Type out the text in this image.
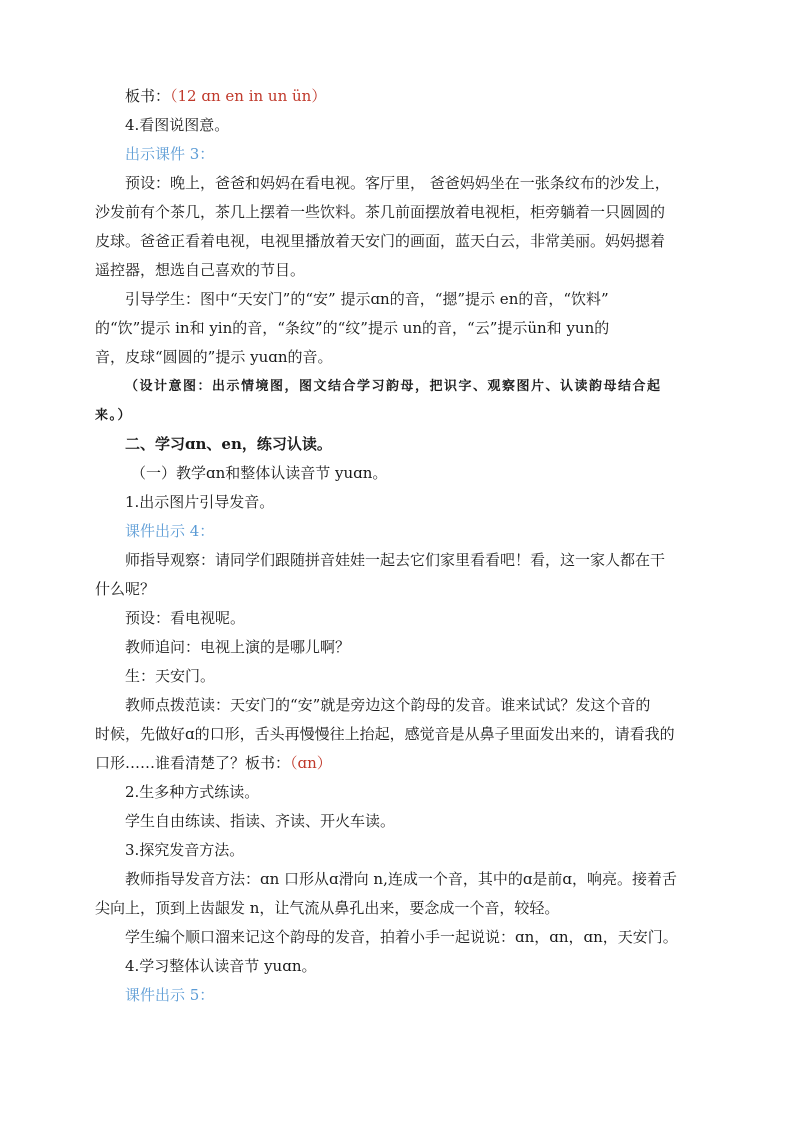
板书：（12 ɑn en in un ün）

4.看图说图意。

出示课件 3：

预设：晚上，爸爸和妈妈在看电视。客厅里， 爸爸妈妈坐在一张条纹布的沙发上，

沙发前有个茶几，茶几上摆着一些饮料。茶几前面摆放着电视柜，柜旁躺着一只圆圆的

皮球。爸爸正看着电视，电视里播放着天安门的画面，蓝天白云，非常美丽。妈妈摁着

遥控器，想选自己喜欢的节目。

引导学生：图中“天安门”的“安” 提示ɑn的音，“摁”提示 en的音，“饮料”

的“饮”提示 in和 yin的音，“条纹”的“纹”提示 un的音，“云”提示ün和 yun的

音，皮球“圆圆的”提示 yuɑn的音。

（设计意图：出示情境图，图文结合学习韵母，把识字、观察图片、认读韵母结合起

来。）

二、学习ɑn、en，练习认读。

（一）教学ɑn和整体认读音节 yuɑn。

1.出示图片引导发音。

课件出示 4：

师指导观察：请同学们跟随拼音娃娃一起去它们家里看看吧！看，这一家人都在干

什么呢？

预设：看电视呢。

教师追问：电视上演的是哪儿啊？

生：天安门。

教师点拨范读：天安门的“安”就是旁边这个韵母的发音。谁来试试？发这个音的

时候，先做好ɑ的口形，舌头再慢慢往上抬起，感觉音是从鼻子里面发出来的，请看我的

口形……谁看清楚了？板书：（ɑn）

2.生多种方式练读。

学生自由练读、指读、齐读、开火车读。

3.探究发音方法。

教师指导发音方法：ɑn 口形从ɑ滑向 n,连成一个音，其中的ɑ是前ɑ，响亮。接着舌

尖向上，顶到上齿龈发 n，让气流从鼻孔出来，要念成一个音，较轻。

学生编个顺口溜来记这个韵母的发音，拍着小手一起说说：ɑn，ɑn，ɑn，天安门。

4.学习整体认读音节 yuɑn。

课件出示 5：
